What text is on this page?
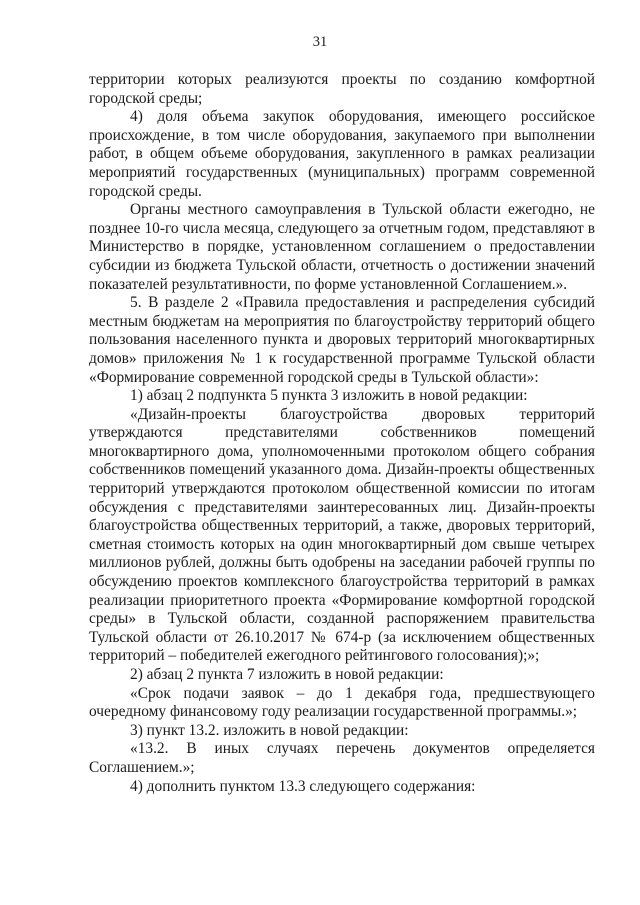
31

территории которых реализуются проекты по созданию комфортной городской среды;

4) доля объема закупок оборудования, имеющего российское происхождение, в том числе оборудования, закупаемого при выполнении работ, в общем объеме оборудования, закупленного в рамках реализации мероприятий государственных (муниципальных) программ современной городской среды.

Органы местного самоуправления в Тульской области ежегодно, не позднее 10-го числа месяца, следующего за отчетным годом, представляют в Министерство в порядке, установленном соглашением о предоставлении субсидии из бюджета Тульской области, отчетность о достижении значений показателей результативности, по форме установленной Соглашением.».

5. В разделе 2 «Правила предоставления и распределения субсидий местным бюджетам на мероприятия по благоустройству территорий общего пользования населенного пункта и дворовых территорий многоквартирных домов» приложения № 1 к государственной программе Тульской области «Формирование современной городской среды в Тульской области»:

1) абзац 2 подпункта 5 пункта 3 изложить в новой редакции:

«Дизайн-проекты благоустройства дворовых территорий утверждаются представителями собственников помещений многоквартирного дома, уполномоченными протоколом общего собрания собственников помещений указанного дома. Дизайн-проекты общественных территорий утверждаются протоколом общественной комиссии по итогам обсуждения с представителями заинтересованных лиц. Дизайн-проекты благоустройства общественных территорий, а также, дворовых территорий, сметная стоимость которых на один многоквартирный дом свыше четырех миллионов рублей, должны быть одобрены на заседании рабочей группы по обсуждению проектов комплексного благоустройства территорий в рамках реализации приоритетного проекта «Формирование комфортной городской среды» в Тульской области, созданной распоряжением правительства Тульской области от 26.10.2017 № 674-р (за исключением общественных территорий – победителей ежегодного рейтингового голосования);»;

2) абзац 2 пункта 7 изложить в новой редакции:

«Срок подачи заявок – до 1 декабря года, предшествующего очередному финансовому году реализации государственной программы.»;

3) пункт 13.2. изложить в новой редакции:

«13.2. В иных случаях перечень документов определяется Соглашением.»;

4) дополнить пунктом 13.3 следующего содержания:
